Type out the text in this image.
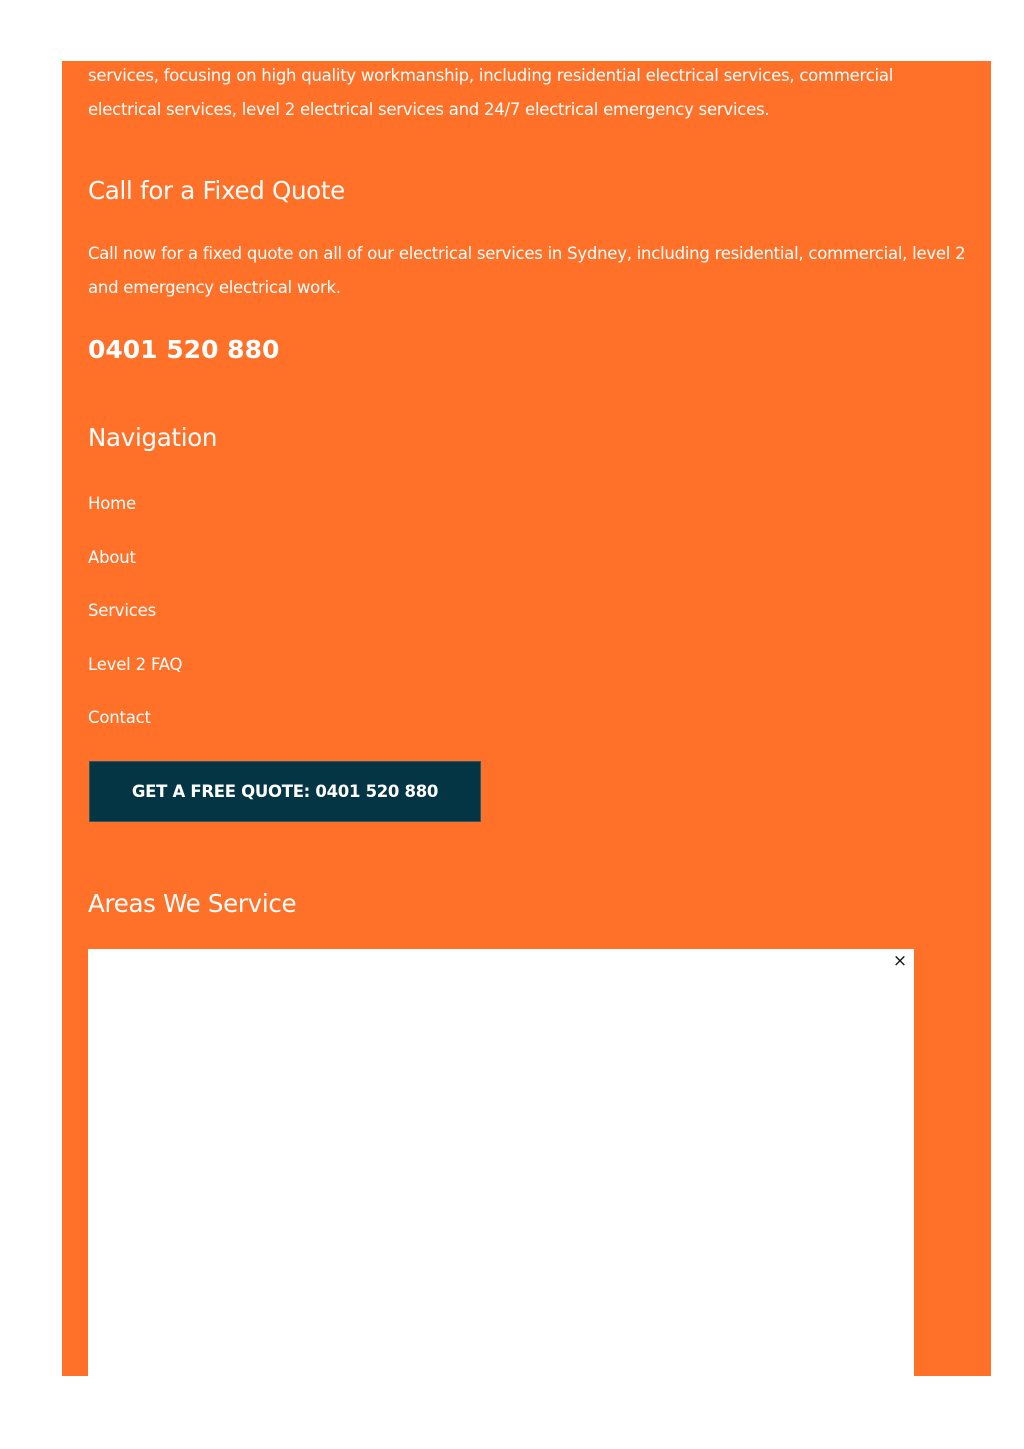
services, focusing on high quality workmanship, including residential electrical services, commercial electrical services, level 2 electrical services and 24/7 electrical emergency services.

Call for a Fixed Quote

Call now for a fixed quote on all of our electrical services in Sydney, including residential, commercial, level 2 and emergency electrical work.

0401 520 880
Navigation
Home
About
Services
Level 2 FAQ
Contact
GET A FREE QUOTE: 0401 520 880
Areas We Service
×
